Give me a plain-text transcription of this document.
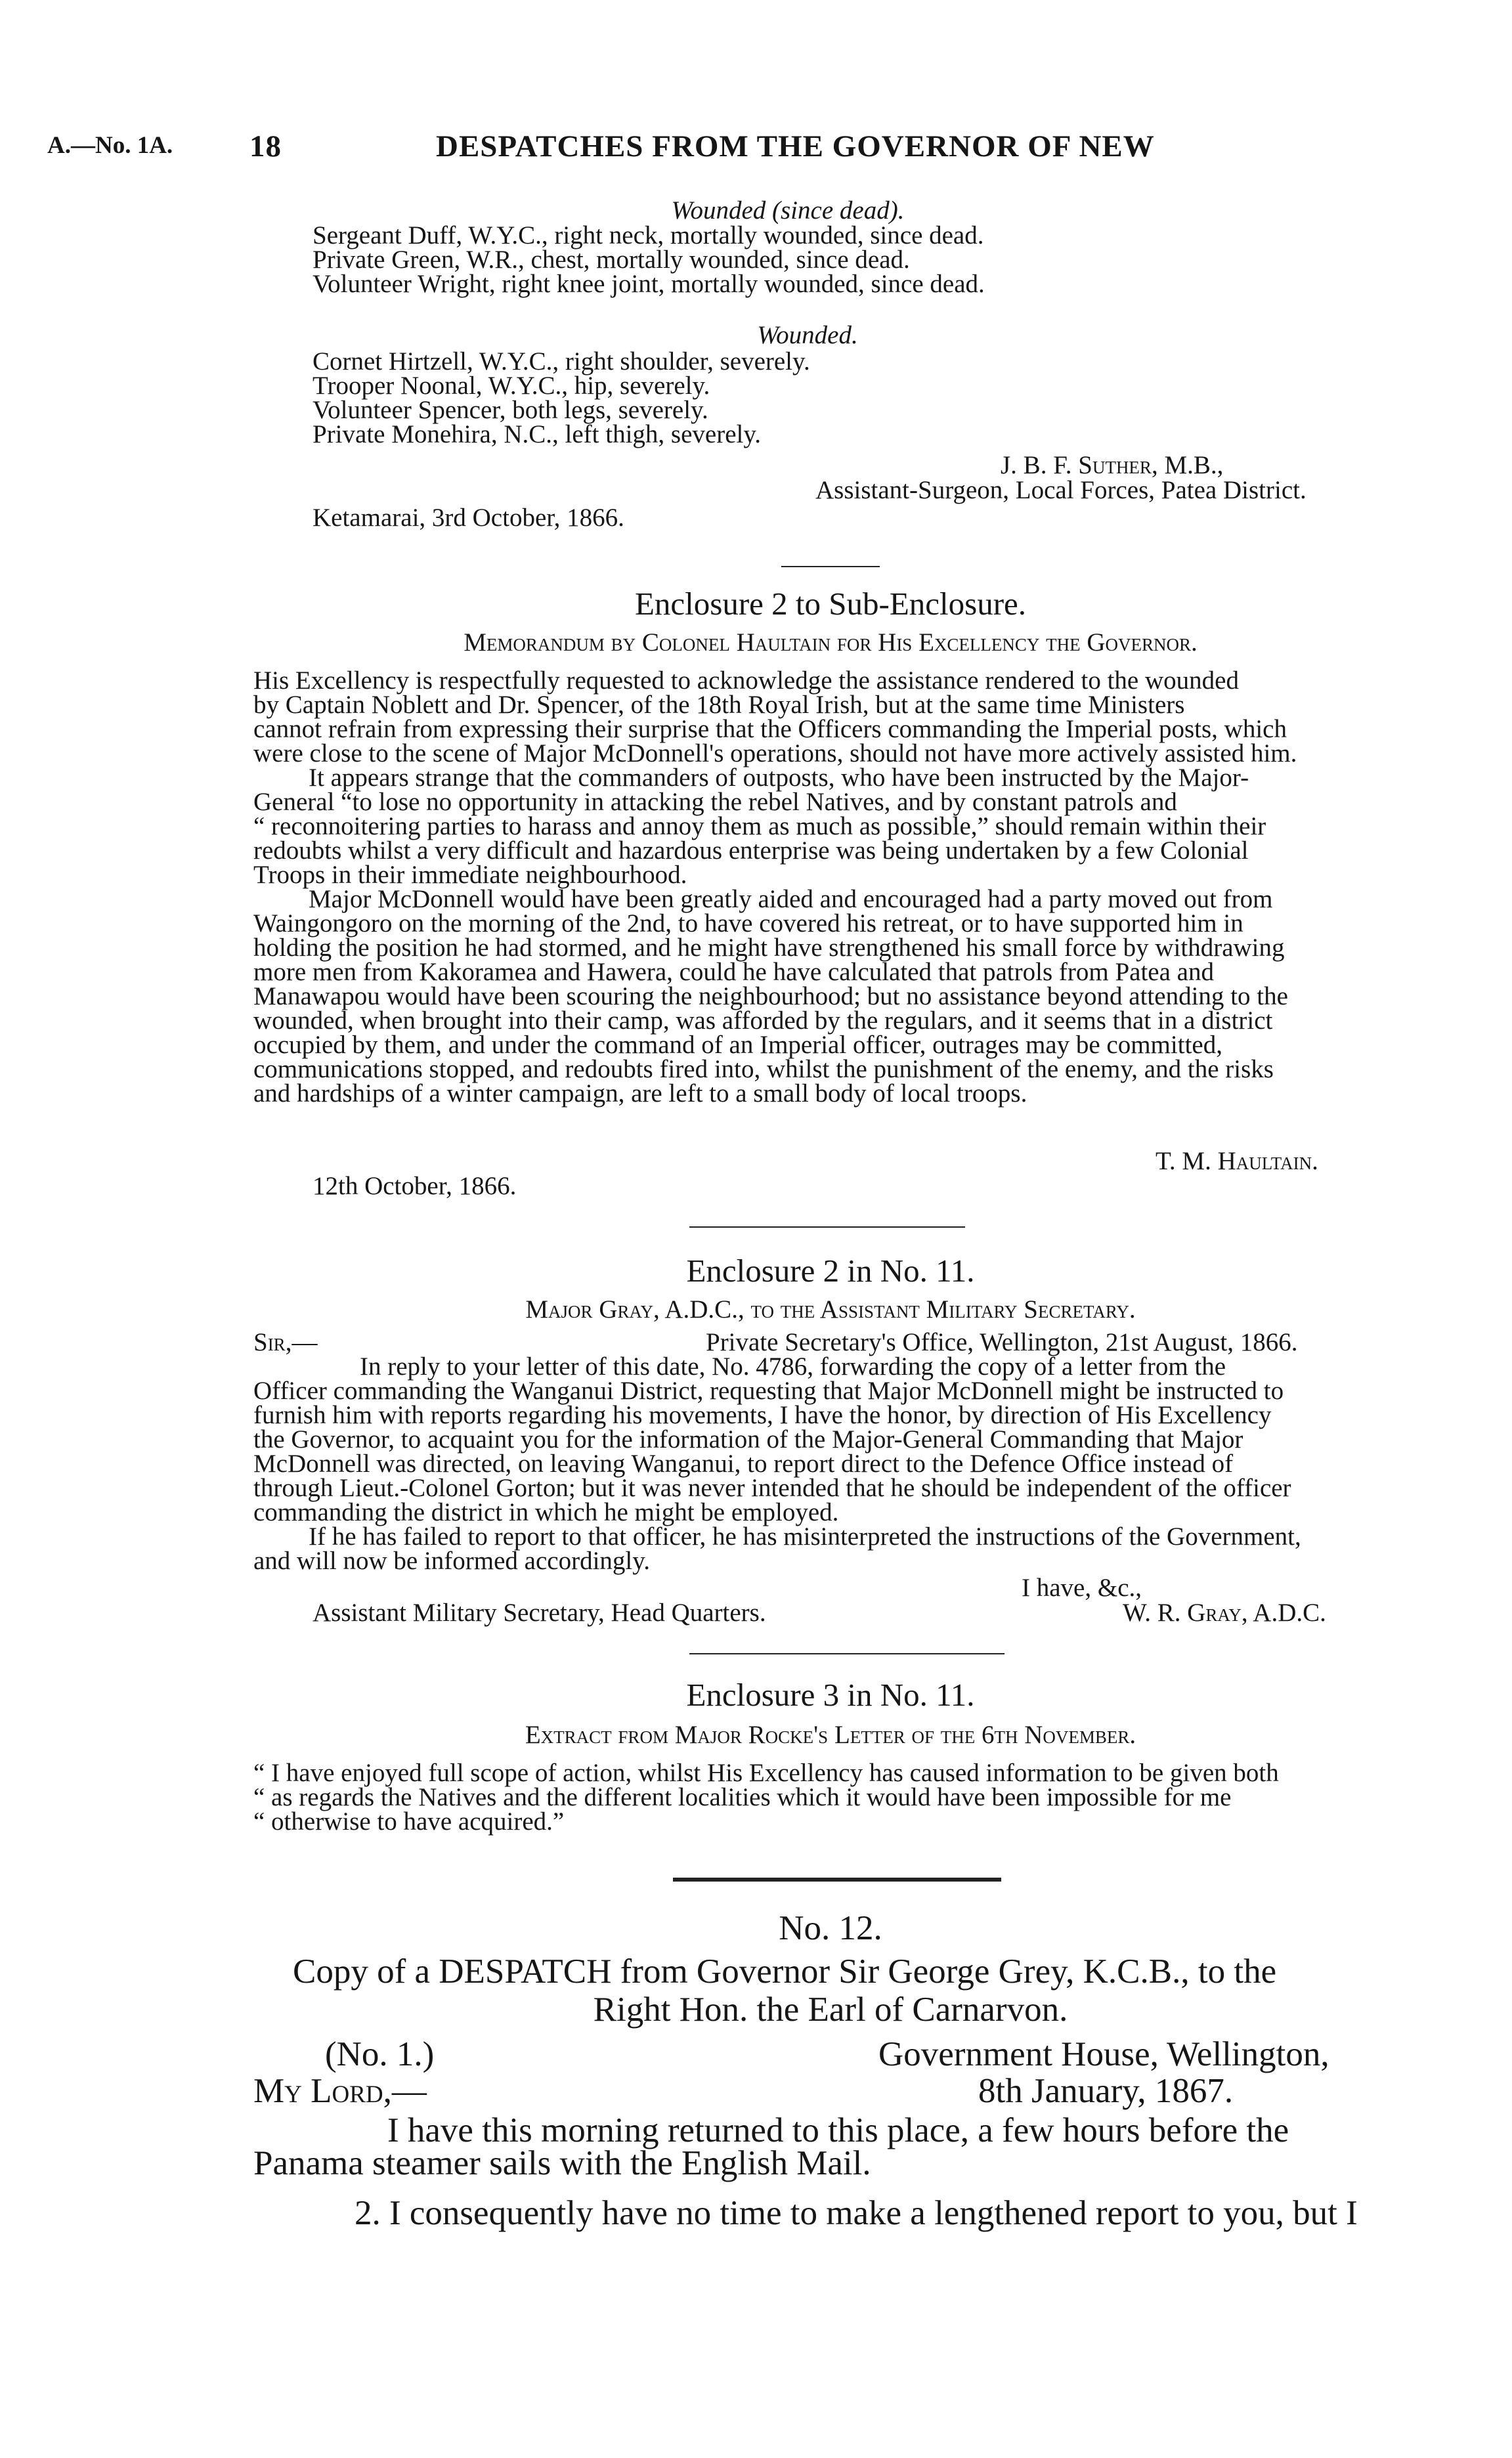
A.—No. 1A. 18	DESPATCHES FROM THE GOVERNOR OF NEW
Wounded (since dead).
Sergeant Duff, W.Y.C., right neck, mortally wounded, since dead.
Private Green, W.R., chest, mortally wounded, since dead.
Volunteer Wright, right knee joint, mortally wounded, since dead.
Wounded.
Cornet Hirtzell, W.Y.C., right shoulder, severely.
Trooper Noonal, W.Y.C., hip, severely.
Volunteer Spencer, both legs, severely.
Private Monehira, N.C., left thigh, severely.
J. B. F. Suther, M.B.,
Assistant-Surgeon, Local Forces, Patea District.
Ketamarai, 3rd October, 1866.
Enclosure 2 to Sub-Enclosure.
Memorandum by Colonel Haultain for His Excellency the Governor.
His Excellency is respectfully requested to acknowledge the assistance rendered to the wounded
by Captain Noblett and Dr. Spencer, of the 18th Royal Irish, but at the same time Ministers
cannot refrain from expressing their surprise that the Officers commanding the Imperial posts, which
were close to the scene of Major McDonnell's operations, should not have more actively assisted him.
It appears strange that the commanders of outposts, who have been instructed by the Major-
General “to lose no opportunity in attacking the rebel Natives, and by constant patrols and
“ reconnoitering parties to harass and annoy them as much as possible,” should remain within their
redoubts whilst a very difficult and hazardous enterprise was being undertaken by a few Colonial
Troops in their immediate neighbourhood.
Major McDonnell would have been greatly aided and encouraged had a party moved out from
Waingongoro on the morning of the 2nd, to have covered his retreat, or to have supported him in
holding the position he had stormed, and he might have strengthened his small force by withdrawing
more men from Kakoramea and Hawera, could he have calculated that patrols from Patea and
Manawapou would have been scouring the neighbourhood; but no assistance beyond attending to the
wounded, when brought into their camp, was afforded by the regulars, and it seems that in a district
occupied by them, and under the command of an Imperial officer, outrages may be committed,
communications stopped, and redoubts fired into, whilst the punishment of the enemy, and the risks
and hardships of a winter campaign, are left to a small body of local troops.
T. M. Haultain.
12th October, 1866.
Enclosure 2 in No. 11.
Major Gray, A.D.C., to the Assistant Military Secretary.
Sir,—	Private Secretary's Office, Wellington, 21st August, 1866.
In reply to your letter of this date, No. 4786, forwarding the copy of a letter from the
Officer commanding the Wanganui District, requesting that Major McDonnell might be instructed to
furnish him with reports regarding his movements, I have the honor, by direction of His Excellency
the Governor, to acquaint you for the information of the Major-General Commanding that Major
McDonnell was directed, on leaving Wanganui, to report direct to the Defence Office instead of
through Lieut.-Colonel Gorton; but it was never intended that he should be independent of the officer
commanding the district in which he might be employed.
If he has failed to report to that officer, he has misinterpreted the instructions of the Government,
and will now be informed accordingly.
I have, &c.,
Assistant Military Secretary, Head Quarters.	W. R. Gray, A.D.C.
Enclosure 3 in No. 11.
Extract from Major Rocke's Letter of the 6th November.
“ I have enjoyed full scope of action, whilst His Excellency has caused information to be given both
“ as regards the Natives and the different localities which it would have been impossible for me
“ otherwise to have acquired.”
No. 12.
Copy of a DESPATCH from Governor Sir George Grey, K.C.B., to the
Right Hon. the Earl of Carnarvon.
(No. 1.)	Government House, Wellington,
My Lord,—	8th January, 1867.
I have this morning returned to this place, a few hours before the
Panama steamer sails with the English Mail.
2. I consequently have no time to make a lengthened report to you, but I
